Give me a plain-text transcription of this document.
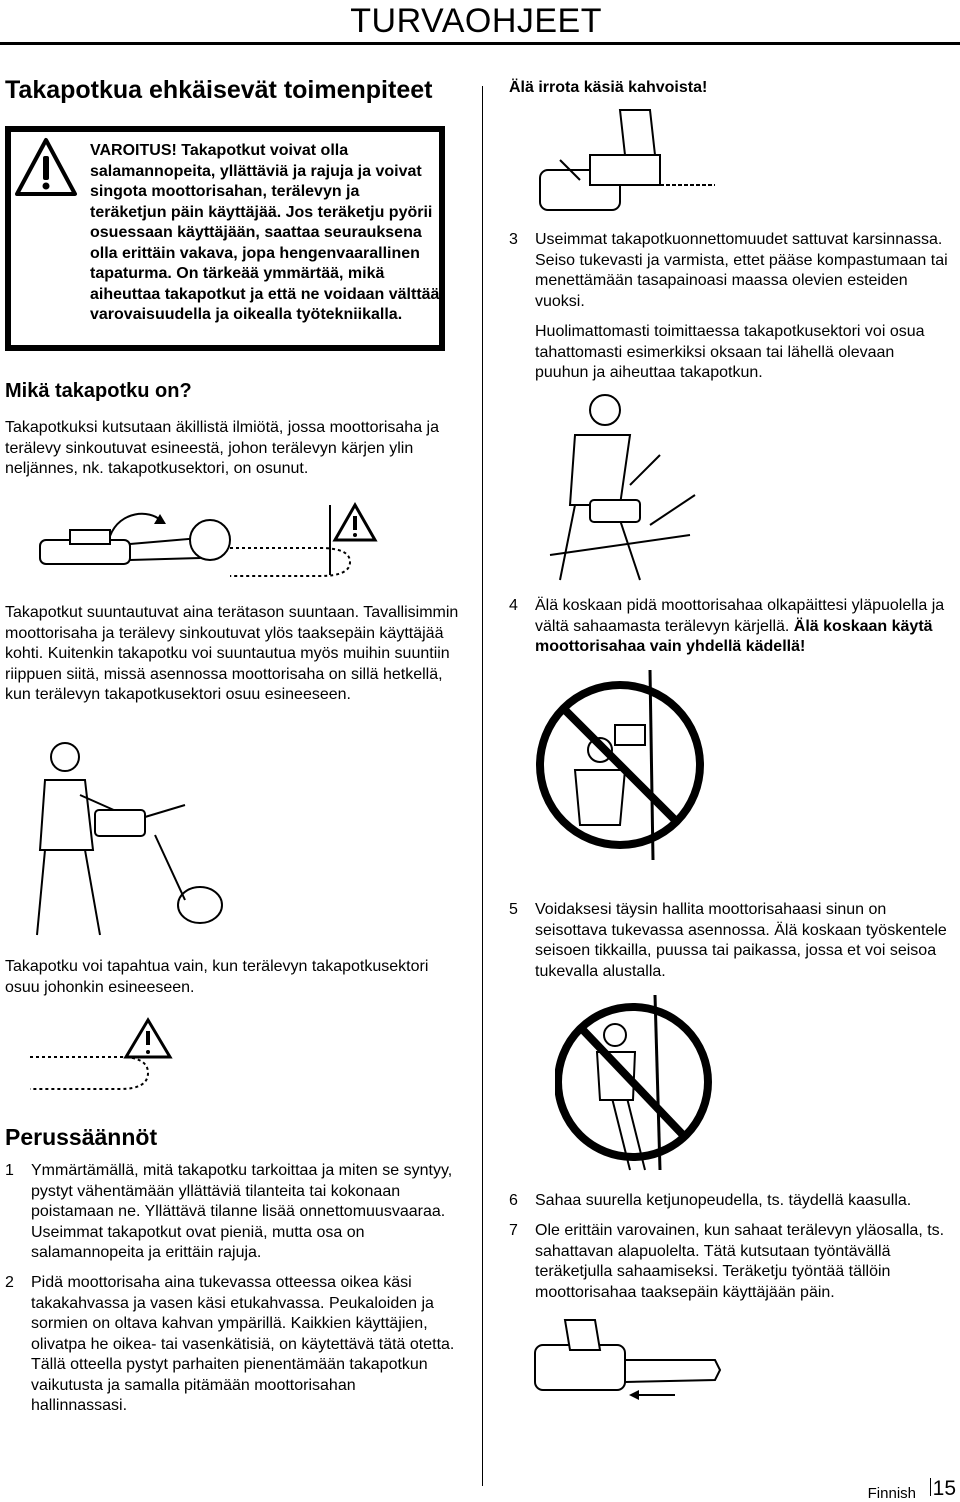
TURVAOHJEET
Takapotkua ehkäisevät toimenpiteet
VAROITUS! Takapotkut voivat olla salamannopeita, yllättäviä ja rajuja ja voivat singota moottorisahan, terälevyn ja teräketjun päin käyttäjää. Jos teräketju pyörii osuessaan käyttäjään, saattaa seurauksena olla erittäin vakava, jopa hengenvaarallinen tapaturma. On tärkeää ymmärtää, mikä aiheuttaa takapotkut ja että ne voidaan välttää varovaisuudella ja oikealla työtekniikalla.
Mikä takapotku on?
Takapotkuksi kutsutaan äkillistä ilmiötä, jossa moottorisaha ja terälevy sinkoutuvat esineestä, johon terälevyn kärjen ylin neljännes, nk. takapotkusektori, on osunut.
Takapotkut suuntautuvat aina terätason suuntaan. Tavallisimmin moottorisaha ja terälevy sinkoutuvat ylös taaksepäin käyttäjää kohti. Kuitenkin takapotku voi suuntautua myös muihin suuntiin riippuen siitä, missä asennossa moottorisaha on sillä hetkellä, kun terälevyn takapotkusektori osuu esineeseen.
Takapotku voi tapahtua vain, kun terälevyn takapotkusektori osuu johonkin esineeseen.
Perussäännöt
1	Ymmärtämällä, mitä takapotku tarkoittaa ja miten se syntyy, pystyt vähentämään yllättäviä tilanteita tai kokonaan poistamaan ne. Yllättävä tilanne lisää onnettomuusvaaraa. Useimmat takapotkut ovat pieniä, mutta osa on salamannopeita ja erittäin rajuja.
2	Pidä moottorisaha aina tukevassa otteessa oikea käsi takakahvassa ja vasen käsi etukahvassa. Peukaloiden ja sormien on oltava kahvan ympärillä. Kaikkien käyttäjien, olivatpa he oikea- tai vasenkätisiä, on käytettävä tätä otetta. Tällä otteella pystyt parhaiten pienentämään takapotkun vaikutusta ja samalla pitämään moottorisahan hallinnassasi.
Älä irrota käsiä kahvoista!
3	Useimmat takapotkuonnettomuudet sattuvat karsinnassa. Seiso tukevasti ja varmista, ettet pääse kompastumaan tai menettämään tasapainoasi maassa olevien esteiden vuoksi.
Huolimattomasti toimittaessa takapotkusektori voi osua tahattomasti esimerkiksi oksaan tai lähellä olevaan puuhun ja aiheuttaa takapotkun.
4	Älä koskaan pidä moottorisahaa olkapäittesi yläpuolella ja vältä sahaamasta terälevyn kärjellä. Älä koskaan käytä moottorisahaa vain yhdellä kädellä!
5	Voidaksesi täysin hallita moottorisahaasi sinun on seisottava tukevassa asennossa. Älä koskaan työskentele seisoen tikkailla, puussa tai paikassa, jossa et voi seisoa tukevalla alustalla.
6	Sahaa suurella ketjunopeudella, ts. täydellä kaasulla.
7	Ole erittäin varovainen, kun sahaat terälevyn yläosalla, ts. sahattavan alapuolelta. Tätä kutsutaan työntävällä teräketjulla sahaamiseksi. Teräketju työntää tällöin moottorisahaa taaksepäin käyttäjään päin.
Finnish 15
